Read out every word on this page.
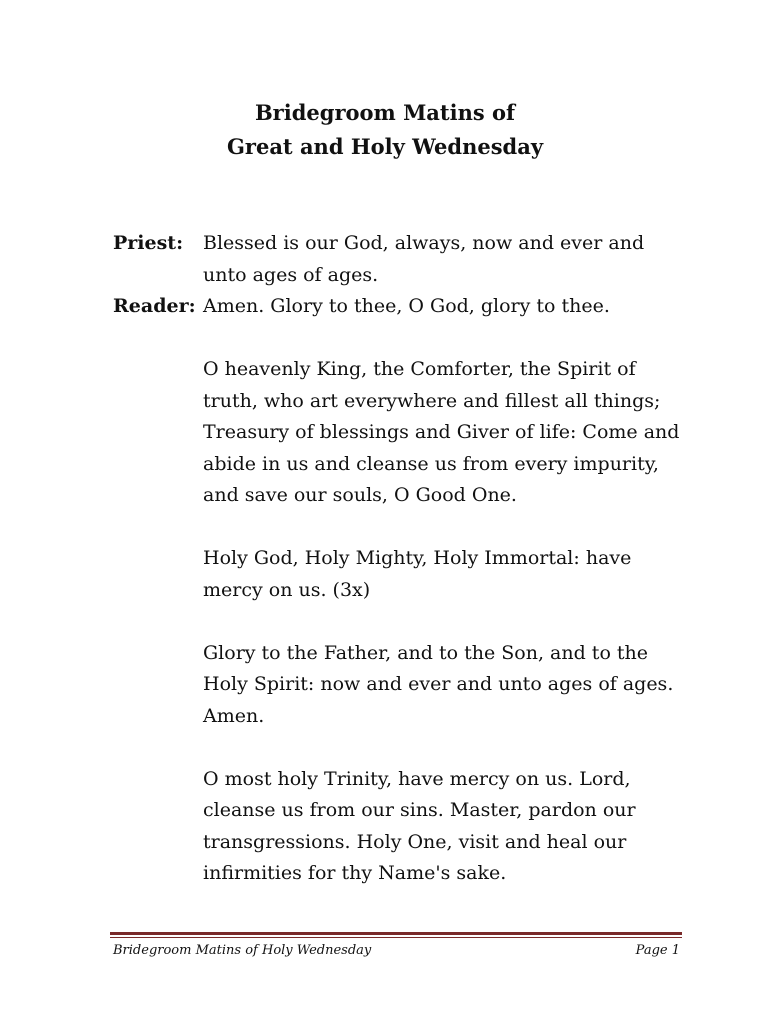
Bridegroom Matins of
Great and Holy Wednesday
Priest:	Blessed is our God, always, now and ever and unto ages of ages.
Reader: Amen. Glory to thee, O God, glory to thee.
O heavenly King, the Comforter, the Spirit of truth, who art everywhere and fillest all things; Treasury of blessings and Giver of life: Come and abide in us and cleanse us from every impurity, and save our souls, O Good One.
Holy God, Holy Mighty, Holy Immortal: have mercy on us. (3x)
Glory to the Father, and to the Son, and to the Holy Spirit: now and ever and unto ages of ages. Amen.
O most holy Trinity, have mercy on us. Lord, cleanse us from our sins. Master, pardon our transgressions. Holy One, visit and heal our infirmities for thy Name's sake.
Bridegroom Matins of Holy Wednesday	Page 1
